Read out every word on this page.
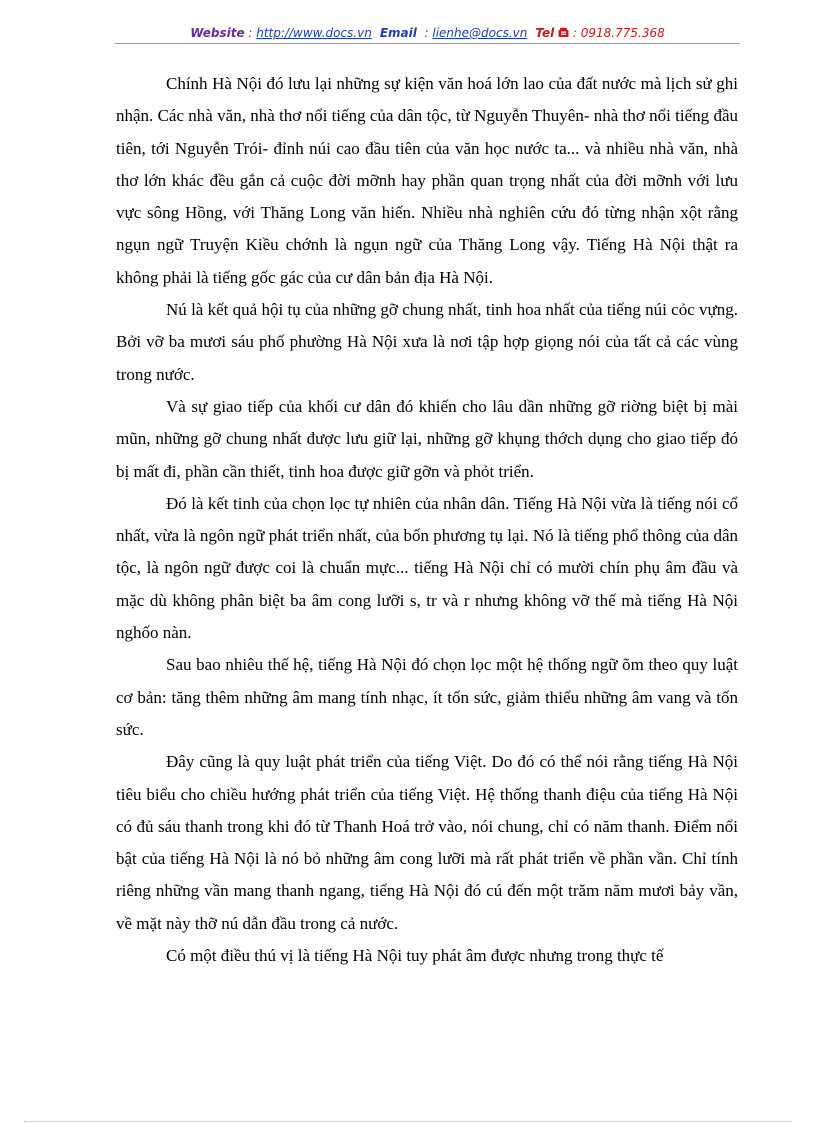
Website : http://www.docs.vn Email  : lienhe@docs.vn Tel  : 0918.775.368

Chính Hà Nội đó lưu lại những sự kiện văn hoá lớn lao của đất nước mà lịch sử ghi nhận. Các nhà văn, nhà thơ nổi tiếng của dân tộc, từ Nguyễn Thuyên- nhà thơ nổi tiếng đầu tiên, tới Nguyễn Trói- đỉnh núi cao đầu tiên của văn học nước ta... và nhiều nhà văn, nhà thơ lớn khác đều gắn cả cuộc đời mỡnh hay phần quan trọng nhất của đời mỡnh với lưu vực sông Hồng, với Thăng Long văn hiến. Nhiều nhà nghiên cứu đó từng nhận xột rằng ngụn ngữ Truyện Kiều chớnh là ngụn ngữ của Thăng Long vậy. Tiếng Hà Nội thật ra không phải là tiếng gốc gác của cư dân bản địa Hà Nội.

Nú là kết quả hội tụ của những gỡ chung nhất, tinh hoa nhất của tiếng núi cỏc vựng. Bởi vỡ ba mươi sáu phố phường Hà Nội xưa là nơi tập hợp giọng nói của tất cả các vùng trong nước.

Và sự giao tiếp của khối cư dân đó khiến cho lâu dần những gỡ riờng biệt bị mài mũn, những gỡ chung nhất được lưu giữ lại, những gỡ khụng thớch dụng cho giao tiếp đó bị mất đi, phần cần thiết, tinh hoa được giữ gỡn và phỏt triển.

Đó là kết tinh của chọn lọc tự nhiên của nhân dân. Tiếng Hà Nội vừa là tiếng nói cổ nhất, vừa là ngôn ngữ phát triển nhất, của bốn phương tụ lại. Nó là tiếng phổ thông của dân tộc, là ngôn ngữ được coi là chuẩn mực... tiếng Hà Nội chỉ có mười chín phụ âm đầu và mặc dù không phân biệt ba âm cong lưỡi s, tr và r nhưng không vỡ thế mà tiếng Hà Nội nghốo nàn.

Sau bao nhiêu thế hệ, tiếng Hà Nội đó chọn lọc một hệ thống ngữ õm theo quy luật cơ bản: tăng thêm những âm mang tính nhạc, ít tốn sức, giảm thiểu những âm vang và tốn sức.

Đây cũng là quy luật phát triển của tiếng Việt. Do đó có thể nói rằng tiếng Hà Nội tiêu biểu cho chiều hướng phát triển của tiếng Việt. Hệ thống thanh điệu của tiếng Hà Nội có đủ sáu thanh trong khi đó từ Thanh Hoá trở vào, nói chung, chỉ có năm thanh. Điểm nổi bật của tiếng Hà Nội là nó bỏ những âm cong lưỡi mà rất phát triển về phần vần. Chỉ tính riêng những vần mang thanh ngang, tiếng Hà Nội đó cú đến một trăm năm mươi bảy vần, về mặt này thỡ nú dẫn đầu trong cả nước.

Có một điều thú vị là tiếng Hà Nội tuy phát âm được nhưng trong thực tế
